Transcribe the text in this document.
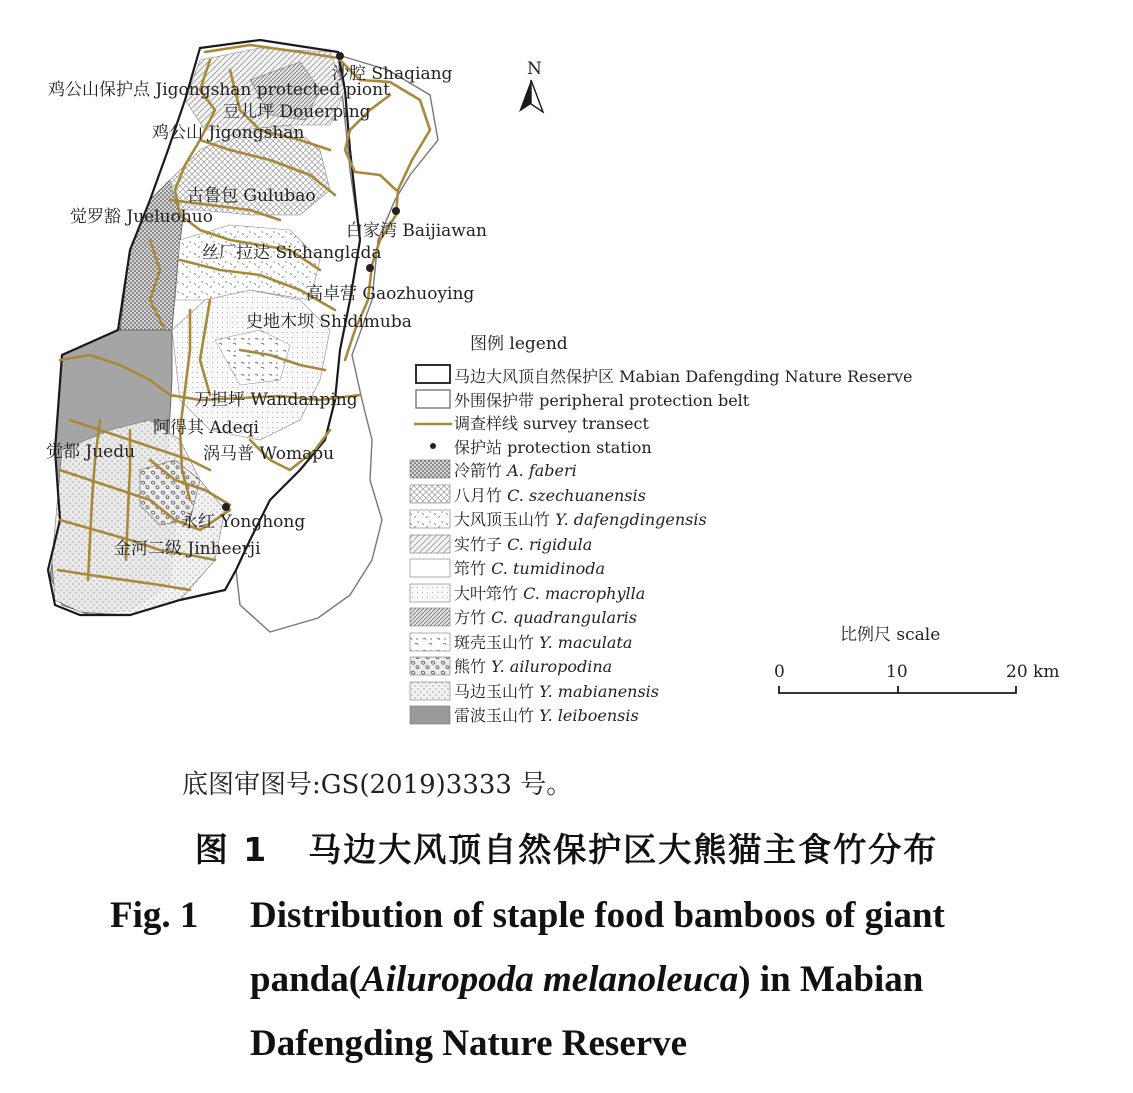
N
沙腔 Shaqiang
鸡公山保护点 Jigongshan protected piont
豆儿坪 Douerping
鸡公山 Jigongshan
古鲁包 Gulubao
觉罗豁 Jueluohuo
白家湾 Baijiawan
丝厂拉达 Sichanglada
高卓营 Gaozhuoying
史地木坝 Shidimuba
万担坪 Wandanping
阿得其 Adeqi
觉都 Juedu	涡马普 Womapu
永红 Yonghong
金河二级 Jinheerji
图例 legend
马边大风顶自然保护区 Mabian Dafengding Nature Reserve
外围保护带 peripheral protection belt
调查样线 survey transect
保护站 protection station
冷箭竹 A. faberi
八月竹 C. szechuanensis
大风顶玉山竹 Y. dafengdingensis
实竹子 C. rigidula
筇竹 C. tumidinoda
大叶筇竹 C. macrophylla
方竹 C. quadrangularis
斑壳玉山竹 Y. maculata
熊竹 Y. ailuropodina
马边玉山竹 Y. mabianensis
雷波玉山竹 Y. leiboensis
比例尺 scale
0	10	20 km
底图审图号:GS(2019)3333 号。
图 1 马边大风顶自然保护区大熊猫主食竹分布
Fig. 1 Distribution of staple food bamboos of giant panda(Ailuropoda melanoleuca) in Mabian Dafengding Nature Reserve
